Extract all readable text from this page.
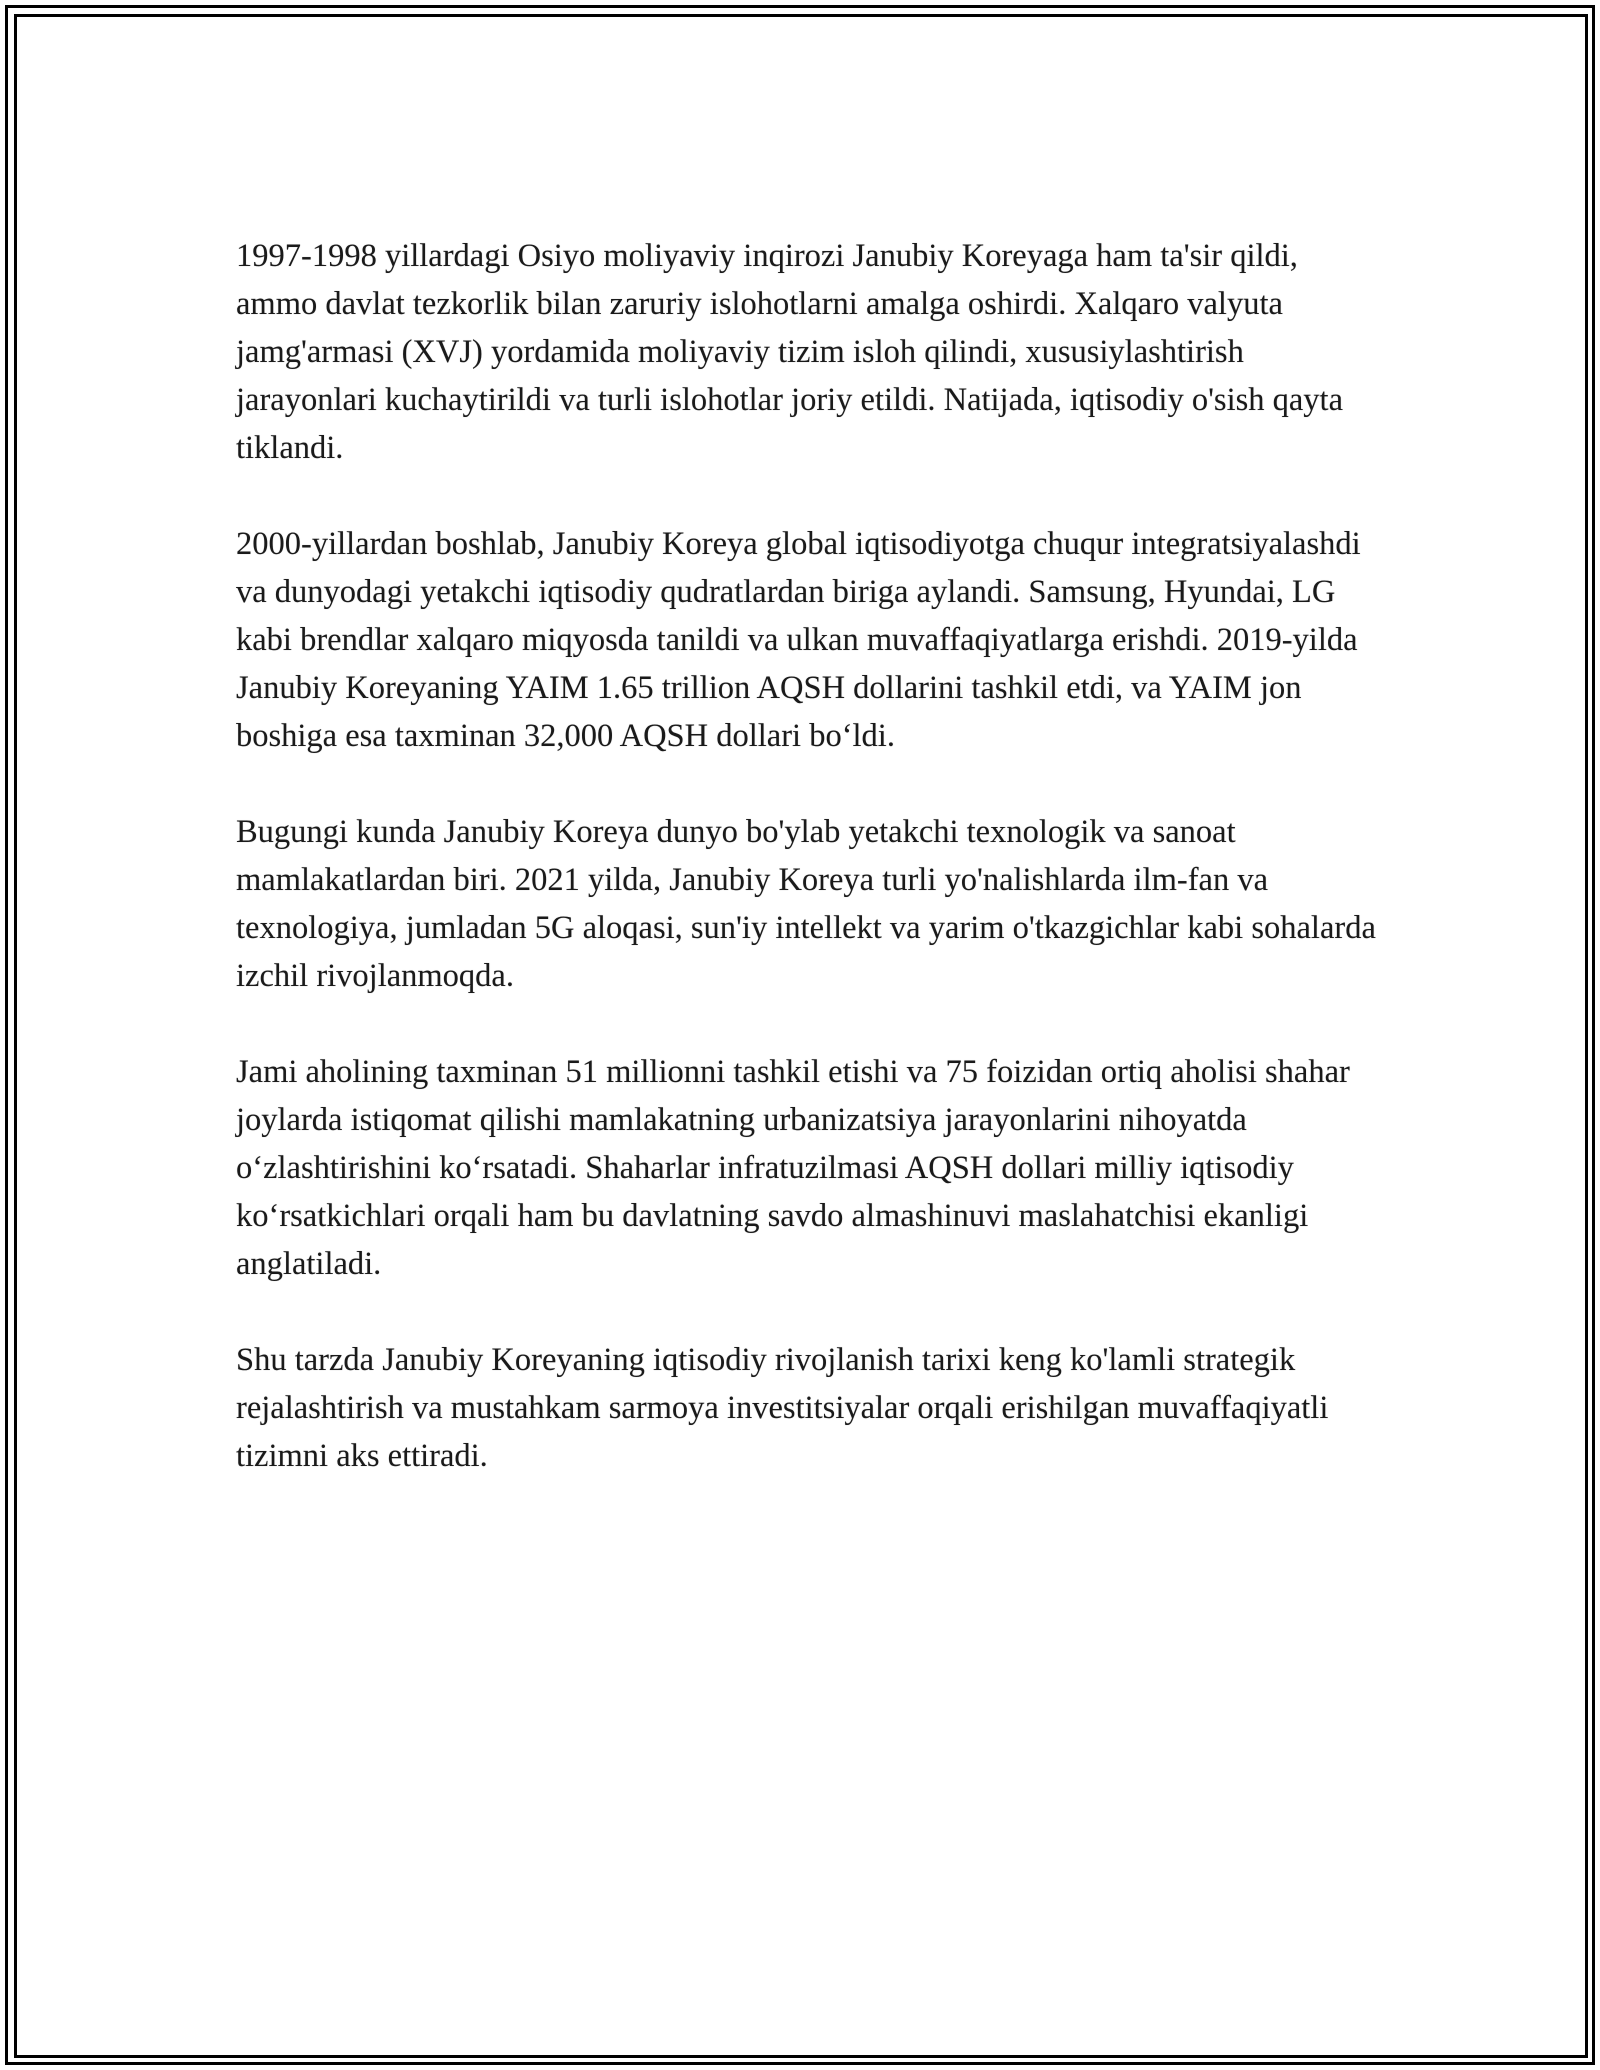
1997-1998 yillardagi Osiyo moliyaviy inqirozi Janubiy Koreyaga ham ta'sir qildi, ammo davlat tezkorlik bilan zaruriy islohotlarni amalga oshirdi. Xalqaro valyuta jamg'armasi (XVJ) yordamida moliyaviy tizim isloh qilindi, xususiylashtirish jarayonlari kuchaytirildi va turli islohotlar joriy etildi. Natijada, iqtisodiy o'sish qayta tiklandi.

2000-yillardan boshlab, Janubiy Koreya global iqtisodiyotga chuqur integratsiyalashdi va dunyodagi yetakchi iqtisodiy qudratlardan biriga aylandi. Samsung, Hyundai, LG kabi brendlar xalqaro miqyosda tanildi va ulkan muvaffaqiyatlarga erishdi. 2019-yilda Janubiy Koreyaning YAIM 1.65 trillion AQSH dollarini tashkil etdi, va YAIM jon boshiga esa taxminan 32,000 AQSH dollari bo‘ldi.

Bugungi kunda Janubiy Koreya dunyo bo'ylab yetakchi texnologik va sanoat mamlakatlardan biri. 2021 yilda, Janubiy Koreya turli yo'nalishlarda ilm-fan va texnologiya, jumladan 5G aloqasi, sun'iy intellekt va yarim o'tkazgichlar kabi sohalarda izchil rivojlanmoqda.

Jami aholining taxminan 51 millionni tashkil etishi va 75 foizidan ortiq aholisi shahar joylarda istiqomat qilishi mamlakatning urbanizatsiya jarayonlarini nihoyatda o‘zlashtirishini ko‘rsatadi. Shaharlar infratuzilmasi AQSH dollari milliy iqtisodiy ko‘rsatkichlari orqali ham bu davlatning savdo almashinuvi maslahatchisi ekanligi anglatiladi.

Shu tarzda Janubiy Koreyaning iqtisodiy rivojlanish tarixi keng ko'lamli strategik rejalashtirish va mustahkam sarmoya investitsiyalar orqali erishilgan muvaffaqiyatli tizimni aks ettiradi.
